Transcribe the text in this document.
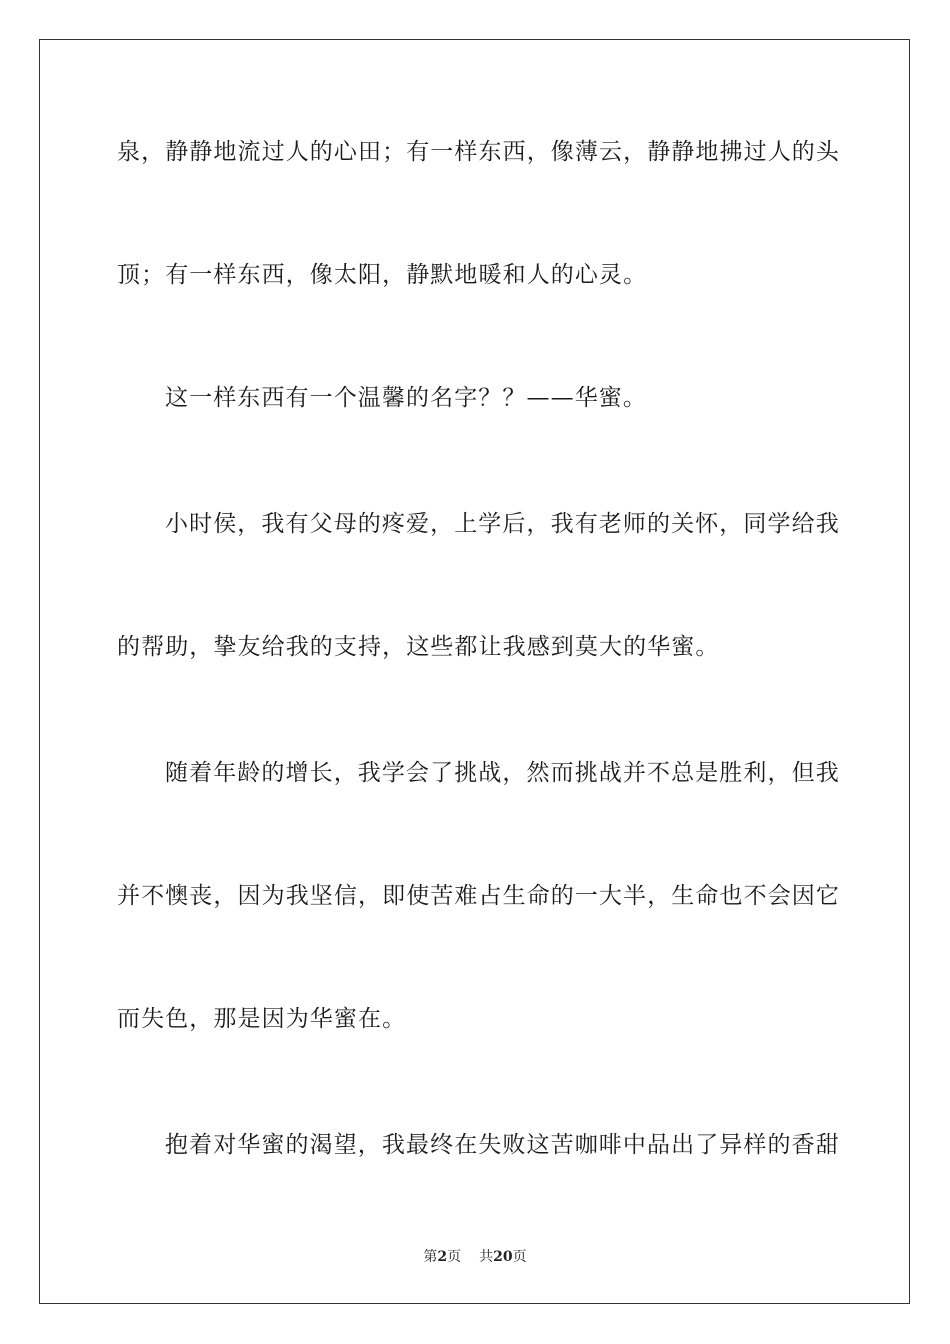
泉，静静地流过人的心田；有一样东西，像薄云，静静地拂过人的头
顶；有一样东西，像太阳，静默地暖和人的心灵。
这一样东西有一个温馨的名字？？——华蜜。
小时侯，我有父母的疼爱，上学后，我有老师的关怀，同学给我
的帮助，挚友给我的支持，这些都让我感到莫大的华蜜。
随着年龄的增长，我学会了挑战，然而挑战并不总是胜利，但我
并不懊丧，因为我坚信，即使苦难占生命的一大半，生命也不会因它
而失色，那是因为华蜜在。
抱着对华蜜的渴望，我最终在失败这苦咖啡中品出了异样的香甜
第2页 共20页
